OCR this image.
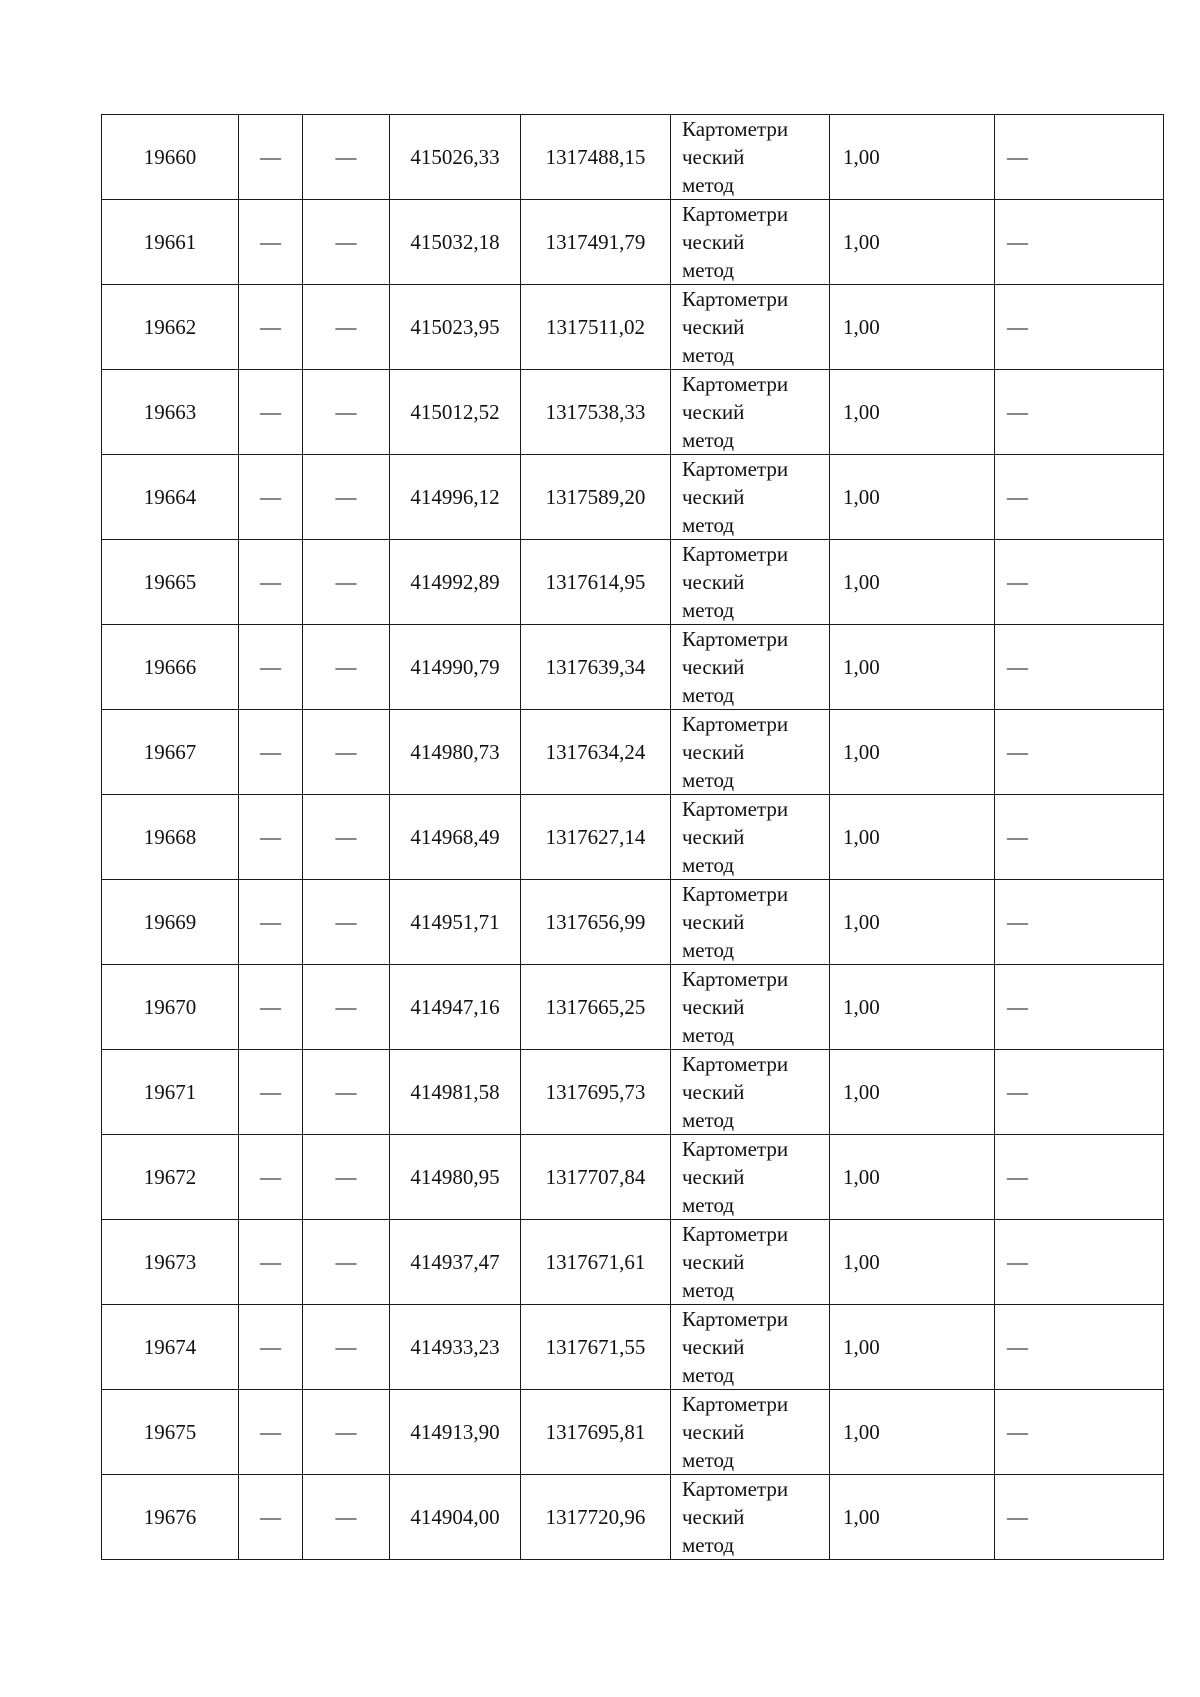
19660	—	—	415026,33	1317488,15	Картометри
ческий
метод	1,00	—
19661	—	—	415032,18	1317491,79	Картометри
ческий
метод	1,00	—
19662	—	—	415023,95	1317511,02	Картометри
ческий
метод	1,00	—
19663	—	—	415012,52	1317538,33	Картометри
ческий
метод	1,00	—
19664	—	—	414996,12	1317589,20	Картометри
ческий
метод	1,00	—
19665	—	—	414992,89	1317614,95	Картометри
ческий
метод	1,00	—
19666	—	—	414990,79	1317639,34	Картометри
ческий
метод	1,00	—
19667	—	—	414980,73	1317634,24	Картометри
ческий
метод	1,00	—
19668	—	—	414968,49	1317627,14	Картометри
ческий
метод	1,00	—
19669	—	—	414951,71	1317656,99	Картометри
ческий
метод	1,00	—
19670	—	—	414947,16	1317665,25	Картометри
ческий
метод	1,00	—
19671	—	—	414981,58	1317695,73	Картометри
ческий
метод	1,00	—
19672	—	—	414980,95	1317707,84	Картометри
ческий
метод	1,00	—
19673	—	—	414937,47	1317671,61	Картометри
ческий
метод	1,00	—
19674	—	—	414933,23	1317671,55	Картометри
ческий
метод	1,00	—
19675	—	—	414913,90	1317695,81	Картометри
ческий
метод	1,00	—
19676	—	—	414904,00	1317720,96	Картометри
ческий
метод	1,00	—
